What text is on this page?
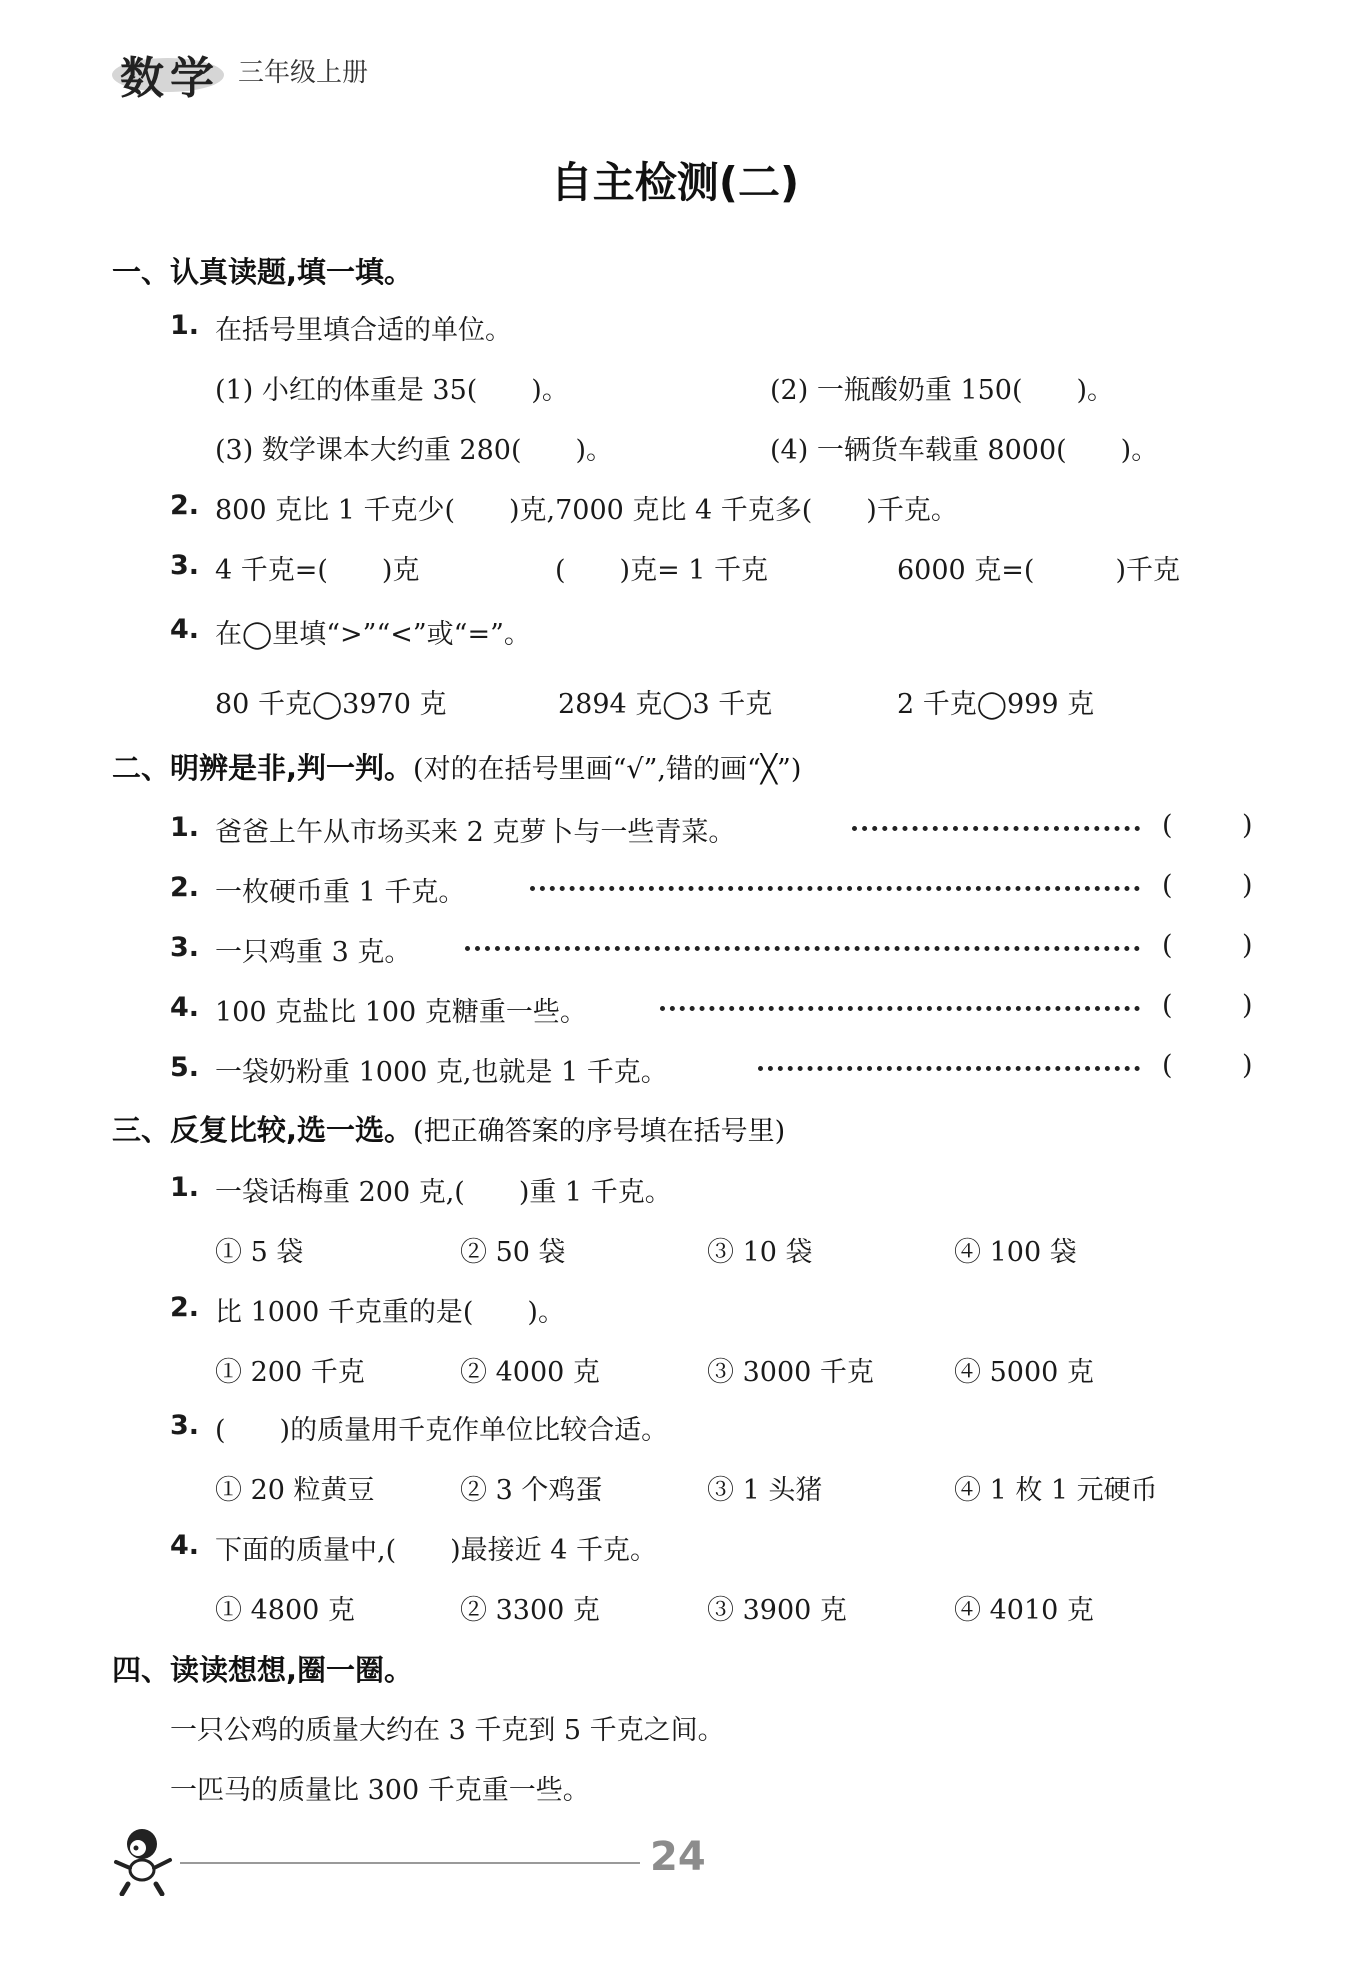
数学 三年级上册
自主检测(二)
一、认真读题,填一填。
1. 在括号里填合适的单位。
(1) 小红的体重是 35(　　)。	(2) 一瓶酸奶重 150(　　)。
(3) 数学课本大约重 280(　　)。	(4) 一辆货车载重 8000(　　)。
2. 800 克比 1 千克少(　　)克,7000 克比 4 千克多(　　)千克。
3. 4 千克=(　　)克	(　　)克= 1 千克	6000 克=(　　　)千克
4. 在◯里填“>”“<”或“=”。
80 千克◯3970 克	2894 克◯3 千克	2 千克◯999 克
二、明辨是非,判一判。(对的在括号里画“√”,错的画“╳”)
1. 爸爸上午从市场买来 2 克萝卜与一些青菜。	(	)
2. 一枚硬币重 1 千克。	(	)
3. 一只鸡重 3 克。	(	)
4. 100 克盐比 100 克糖重一些。	(	)
5. 一袋奶粉重 1000 克,也就是 1 千克。	(	)
三、反复比较,选一选。(把正确答案的序号填在括号里)
1. 一袋话梅重 200 克,(　　)重 1 千克。
① 5 袋	② 50 袋	③ 10 袋	④ 100 袋
2. 比 1000 千克重的是(　　)。
① 200 千克	② 4000 克	③ 3000 千克	④ 5000 克
3. (　　)的质量用千克作单位比较合适。
① 20 粒黄豆	② 3 个鸡蛋	③ 1 头猪	④ 1 枚 1 元硬币
4. 下面的质量中,(　　)最接近 4 千克。
① 4800 克	② 3300 克	③ 3900 克	④ 4010 克
四、读读想想,圈一圈。
一只公鸡的质量大约在 3 千克到 5 千克之间。
一匹马的质量比 300 千克重一些。
24
